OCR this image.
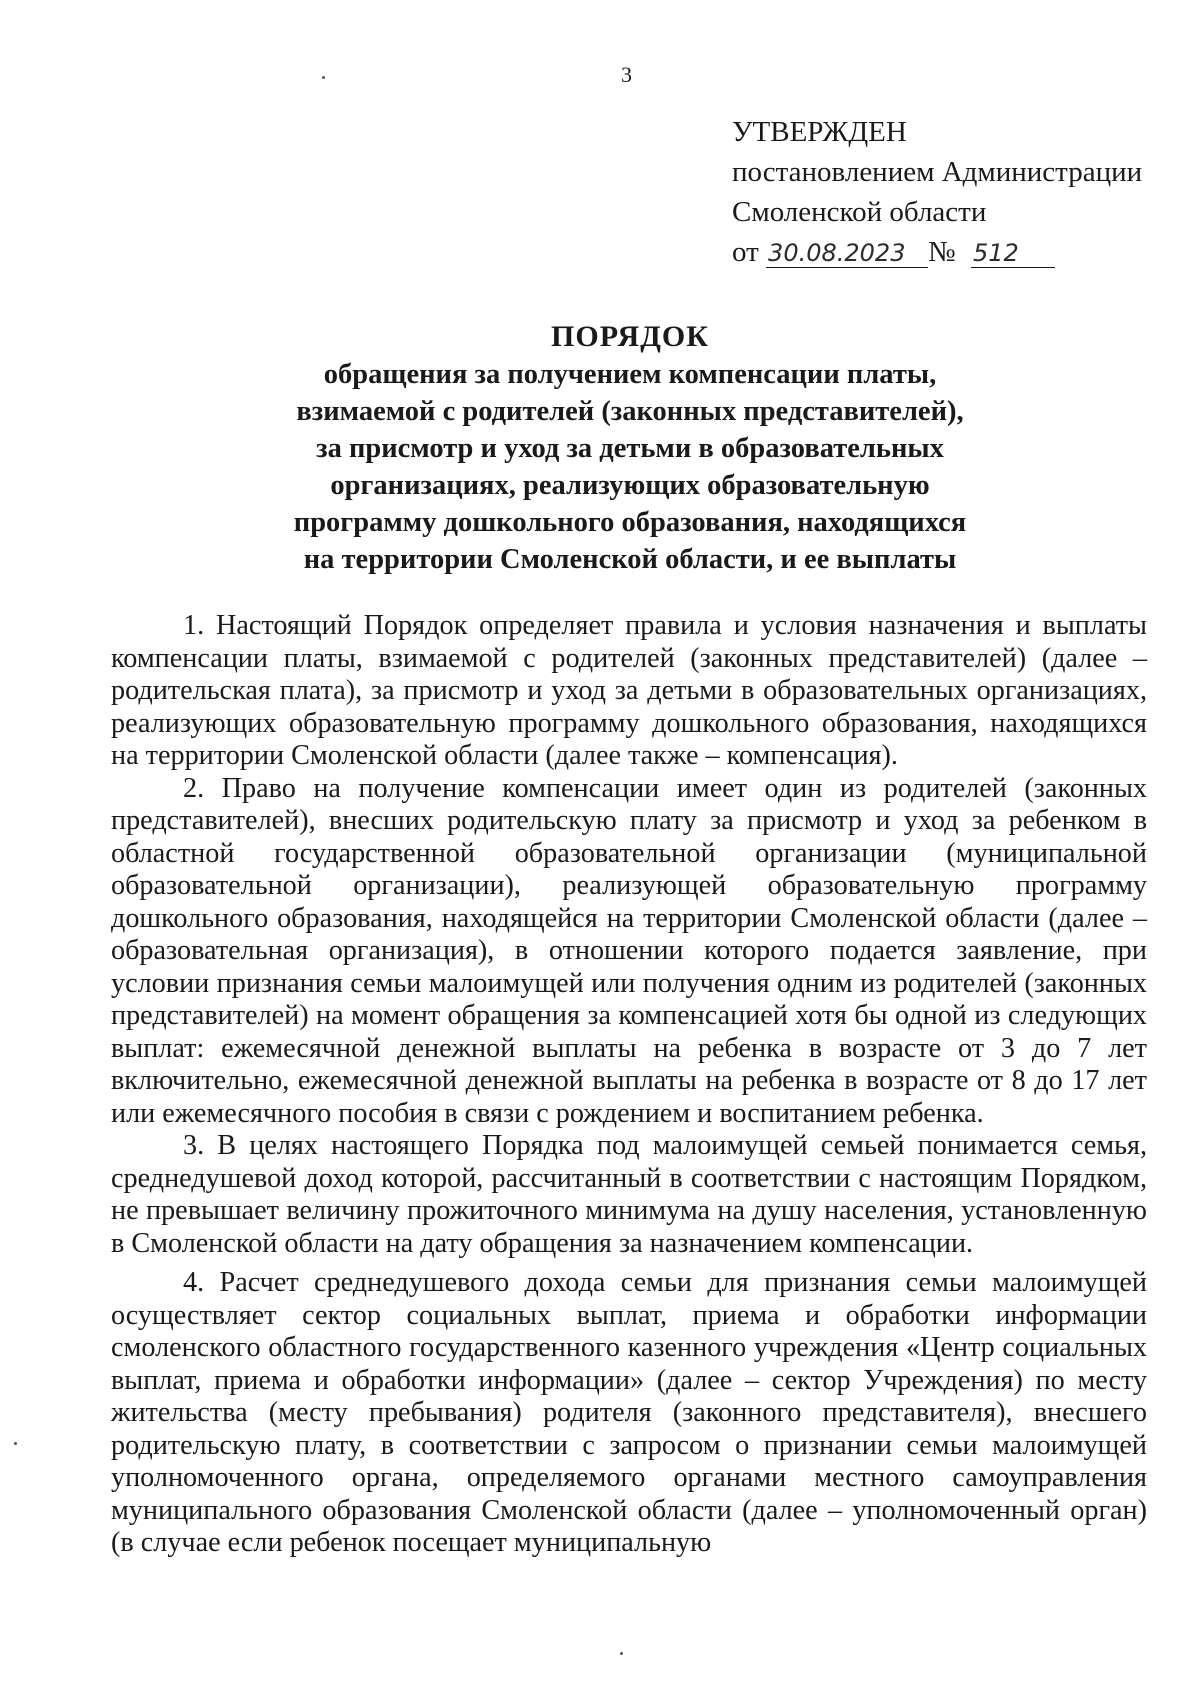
3
УТВЕРЖДЕН
постановлением Администрации
Смоленской области
от 30.08.2023 № 512
ПОРЯДОК
обращения за получением компенсации платы,
взимаемой с родителей (законных представителей),
за присмотр и уход за детьми в образовательных
организациях, реализующих образовательную
программу дошкольного образования, находящихся
на территории Смоленской области, и ее выплаты

1. Настоящий Порядок определяет правила и условия назначения и выплаты компенсации платы, взимаемой с родителей (законных представителей) (далее – родительская плата), за присмотр и уход за детьми в образовательных организациях, реализующих образовательную программу дошкольного образования, находящихся на территории Смоленской области (далее также – компенсация).

2. Право на получение компенсации имеет один из родителей (законных представителей), внесших родительскую плату за присмотр и уход за ребенком в областной государственной образовательной организации (муниципальной образовательной организации), реализующей образовательную программу дошкольного образования, находящейся на территории Смоленской области (далее – образовательная организация), в отношении которого подается заявление, при условии признания семьи малоимущей или получения одним из родителей (законных представителей) на момент обращения за компенсацией хотя бы одной из следующих выплат: ежемесячной денежной выплаты на ребенка в возрасте от 3 до 7 лет включительно, ежемесячной денежной выплаты на ребенка в возрасте от 8 до 17 лет или ежемесячного пособия в связи с рождением и воспитанием ребенка.

3. В целях настоящего Порядка под малоимущей семьей понимается семья, среднедушевой доход которой, рассчитанный в соответствии с настоящим Порядком, не превышает величину прожиточного минимума на душу населения, установленную в Смоленской области на дату обращения за назначением компенсации.

4. Расчет среднедушевого дохода семьи для признания семьи малоимущей осуществляет сектор социальных выплат, приема и обработки информации смоленского областного государственного казенного учреждения «Центр социальных выплат, приема и обработки информации» (далее – сектор Учреждения) по месту жительства (месту пребывания) родителя (законного представителя), внесшего родительскую плату, в соответствии с запросом о признании семьи малоимущей уполномоченного органа, определяемого органами местного самоуправления муниципального образования Смоленской области (далее – уполномоченный орган) (в случае если ребенок посещает муниципальную
